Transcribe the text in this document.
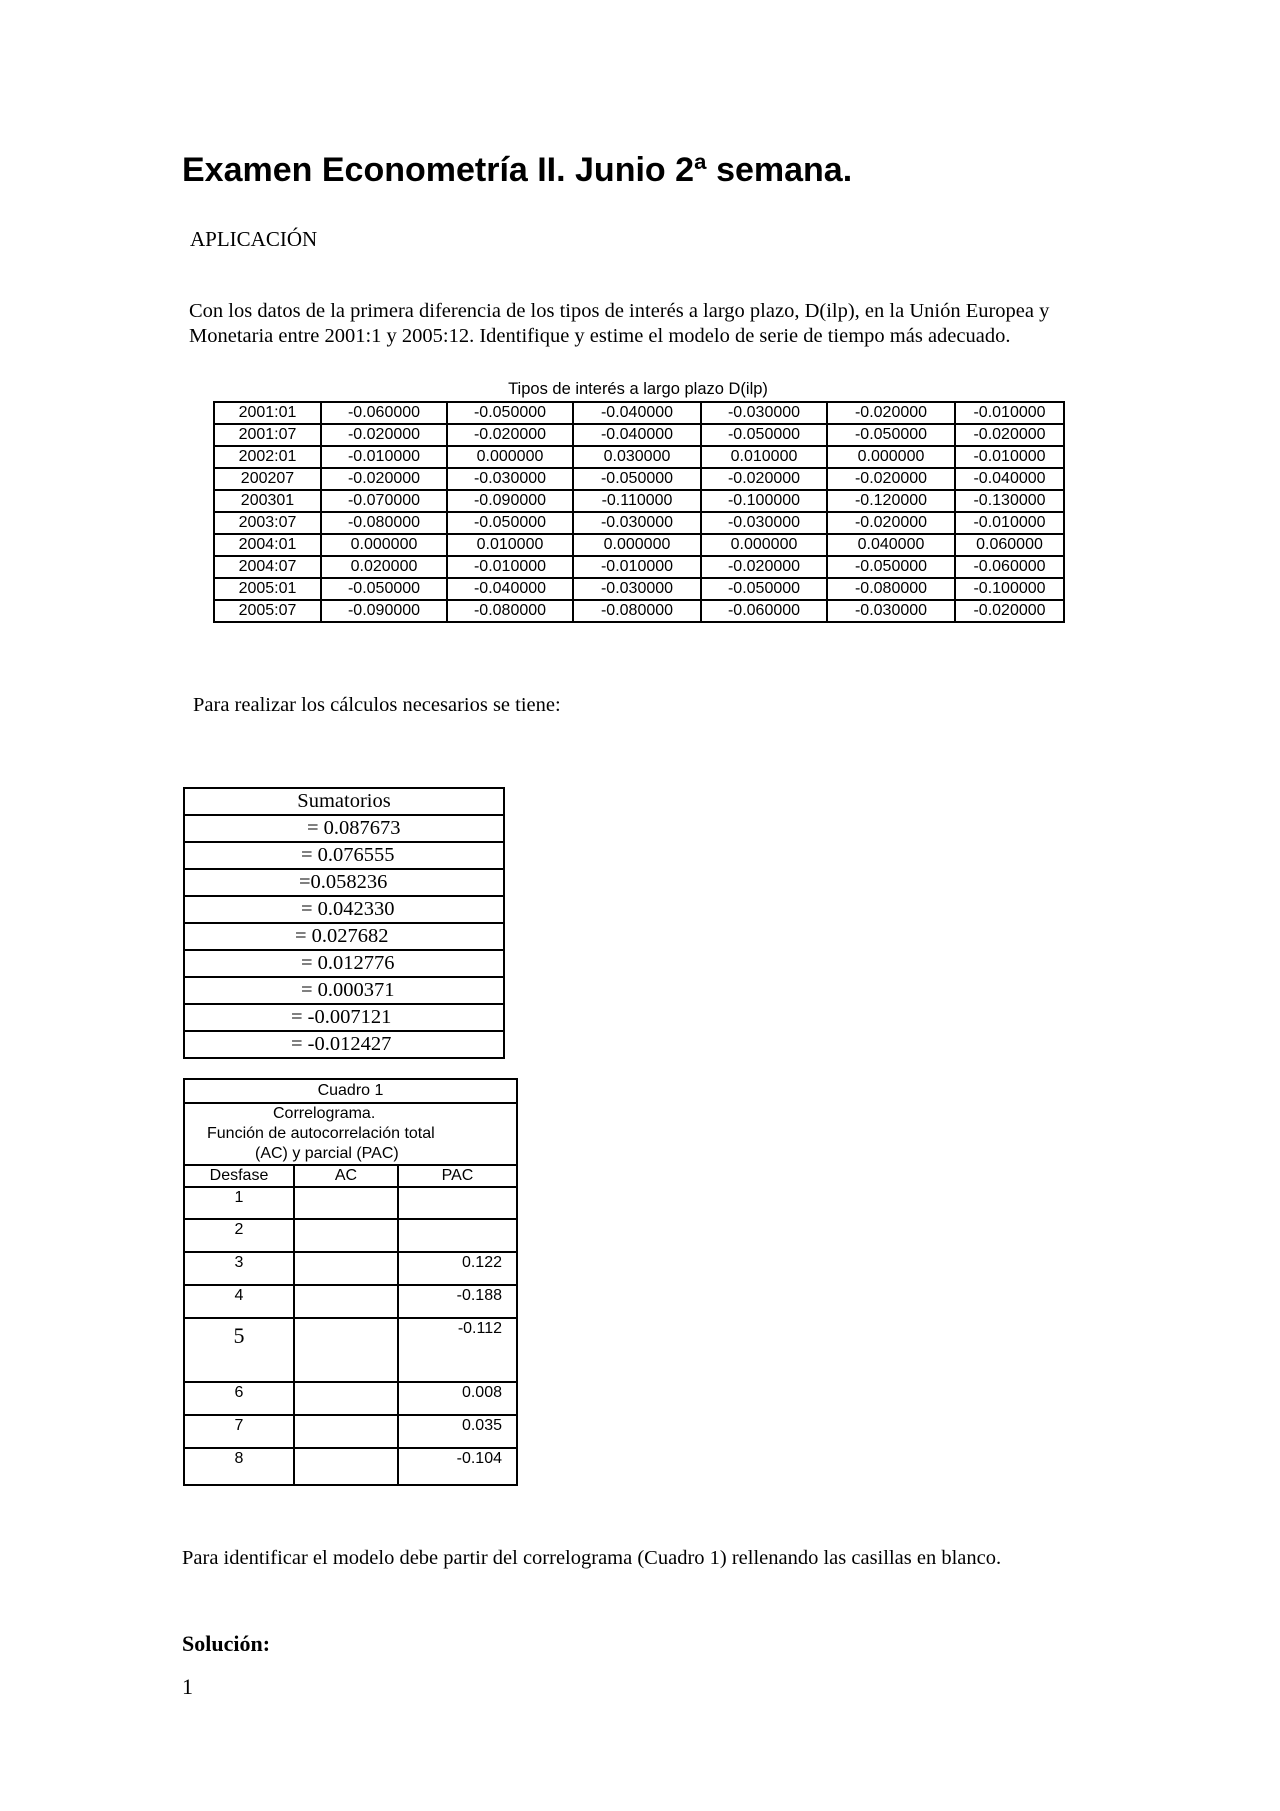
Examen Econometría II. Junio 2ª semana.
APLICACIÓN
Con los datos de la primera diferencia de los tipos de interés a largo plazo, D(ilp), en la Unión Europea y Monetaria entre 2001:1 y 2005:12. Identifique y estime el modelo de serie de tiempo más adecuado.
Tipos de interés a largo plazo D(ilp)
2001:01	-0.060000	-0.050000	-0.040000	-0.030000	-0.020000	-0.010000
2001:07	-0.020000	-0.020000	-0.040000	-0.050000	-0.050000	-0.020000
2002:01	-0.010000	0.000000	0.030000	0.010000	0.000000	-0.010000
200207	-0.020000	-0.030000	-0.050000	-0.020000	-0.020000	-0.040000
200301	-0.070000	-0.090000	-0.110000	-0.100000	-0.120000	-0.130000
2003:07	-0.080000	-0.050000	-0.030000	-0.030000	-0.020000	-0.010000
2004:01	0.000000	0.010000	0.000000	0.000000	0.040000	0.060000
2004:07	0.020000	-0.010000	-0.010000	-0.020000	-0.050000	-0.060000
2005:01	-0.050000	-0.040000	-0.030000	-0.050000	-0.080000	-0.100000
2005:07	-0.090000	-0.080000	-0.080000	-0.060000	-0.030000	-0.020000
Para realizar los cálculos necesarios se tiene:
Sumatorios
= 0.087673
= 0.076555
=0.058236
= 0.042330
= 0.027682
= 0.012776
= 0.000371
= -0.007121
= -0.012427
Cuadro 1		

Correlograma.
Función de autocorrelación total
(AC) y parcial (PAC)		

Desfase	AC	PAC
1		
2		
3		0.122
4		-0.188
5		-0.112
6		0.008
7		0.035
8		-0.104
Para identificar el modelo debe partir del correlograma (Cuadro 1) rellenando las casillas en blanco.
Solución:
1
